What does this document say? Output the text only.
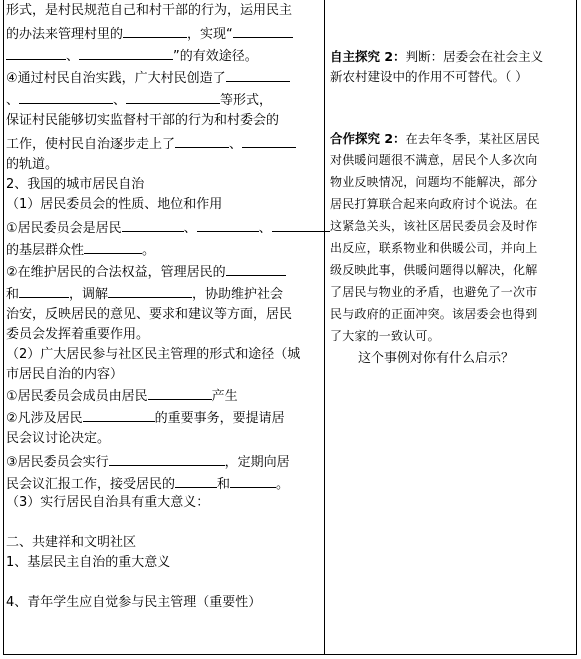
形式，是村民规范自己和村干部的行为，运用民主
的办法来管理村里的	，实现“
、	”的有效途径。
④通过村民自治实践，广大村民创造了
、	、	等形式，
保证村民能够切实监督村干部的行为和村委会的
工作，使村民自治逐步走上了	、
的轨道。
2、我国的城市居民自治
（1）居民委员会的性质、地位和作用
①居民委员会是居民	、	、
的基层群众性	。
②在维护居民的合法权益，管理居民的
和	，调解	，协助维护社会
治安，反映居民的意见、要求和建议等方面，居民
委员会发挥着重要作用。
（2）广大居民参与社区民主管理的形式和途径（城
市居民自治的内容）
①居民委员会成员由居民	产生
②凡涉及居民	的重要事务，要提请居
民会议讨论决定。
③居民委员会实行	，定期向居
民会议汇报工作，接受居民的	和	。
（3）实行居民自治具有重大意义：
二、共建祥和文明社区
1、基层民主自治的重大意义
4、青年学生应自觉参与民主管理（重要性）
自主探究 2：判断：居委会在社会主义
新农村建设中的作用不可替代。（ ）
合作探究 2：在去年冬季，某社区居民
对供暖问题很不满意，居民个人多次向
物业反映情况，问题均不能解决，部分
居民打算联合起来向政府讨个说法。在
这紧急关头，该社区居民委员会及时作
出反应，联系物业和供暖公司，并向上
级反映此事，供暖问题得以解决，化解
了居民与物业的矛盾，也避免了一次市
民与政府的正面冲突。该居委会也得到
了大家的一致认可。
这个事例对你有什么启示？
